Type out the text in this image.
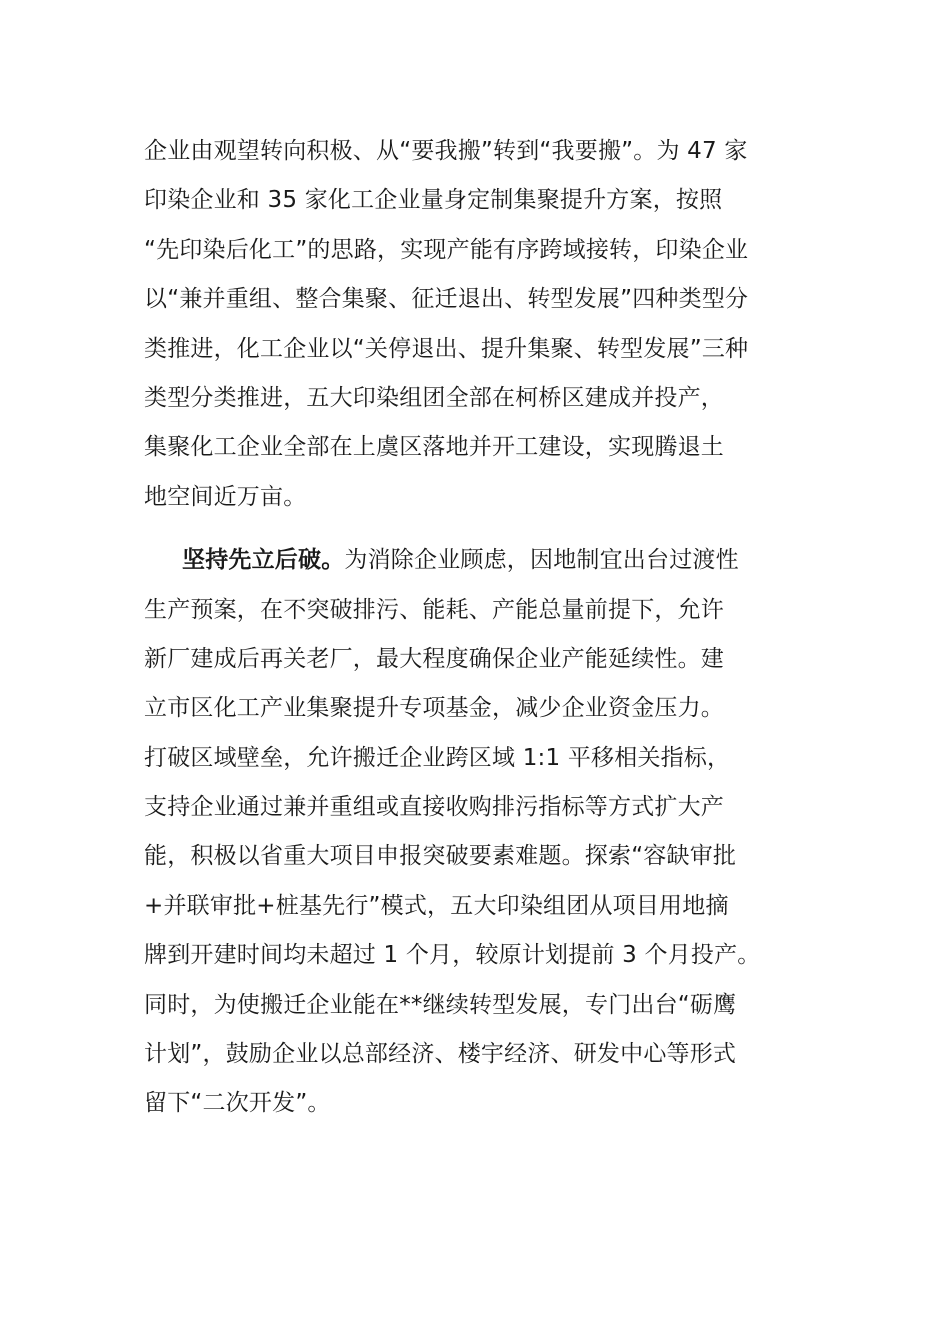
企业由观望转向积极、从“要我搬”转到“我要搬”。为 47 家
印染企业和 35 家化工企业量身定制集聚提升方案，按照
“先印染后化工”的思路，实现产能有序跨域接转，印染企业
以“兼并重组、整合集聚、征迁退出、转型发展”四种类型分
类推进，化工企业以“关停退出、提升集聚、转型发展”三种
类型分类推进，五大印染组团全部在柯桥区建成并投产，
集聚化工企业全部在上虞区落地并开工建设，实现腾退土
地空间近万亩。

坚持先立后破。为消除企业顾虑，因地制宜出台过渡性
生产预案，在不突破排污、能耗、产能总量前提下，允许
新厂建成后再关老厂，最大程度确保企业产能延续性。建
立市区化工产业集聚提升专项基金，减少企业资金压力。
打破区域壁垒，允许搬迁企业跨区域 1:1 平移相关指标，
支持企业通过兼并重组或直接收购排污指标等方式扩大产
能，积极以省重大项目申报突破要素难题。探索“容缺审批
+并联审批+桩基先行”模式，五大印染组团从项目用地摘
牌到开建时间均未超过 1 个月，较原计划提前 3 个月投产。
同时，为使搬迁企业能在**继续转型发展，专门出台“砺鹰
计划”，鼓励企业以总部经济、楼宇经济、研发中心等形式
留下“二次开发”。
